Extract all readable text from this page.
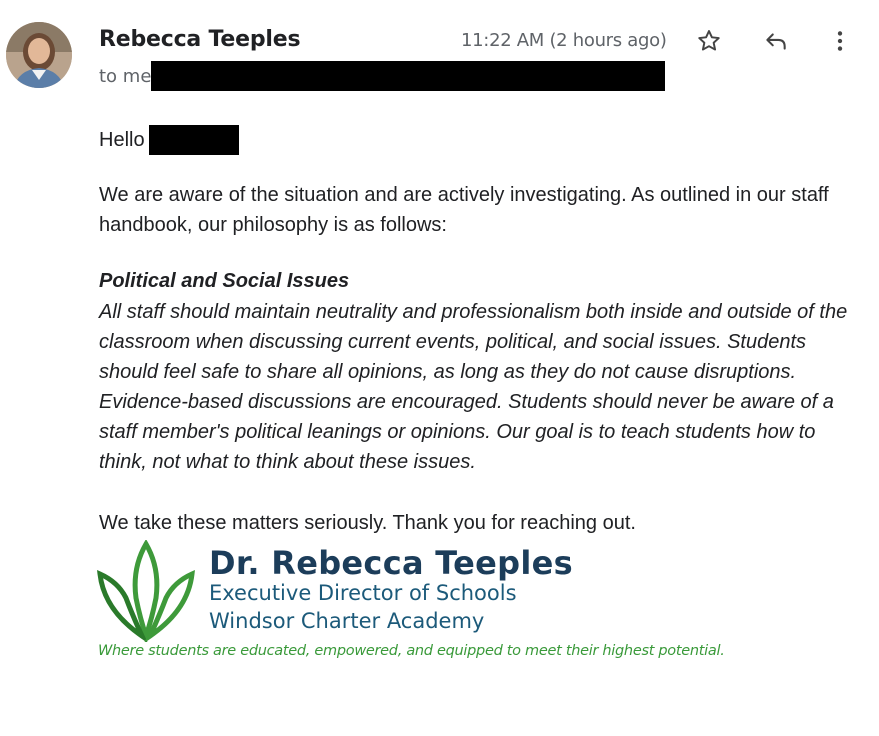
Rebecca Teeples
to me
11:22 AM (2 hours ago)
Hello
We are aware of the situation and are actively investigating. As outlined in our staff handbook, our philosophy is as follows:
Political and Social Issues
All staff should maintain neutrality and professionalism both inside and outside of the classroom when discussing current events, political, and social issues. Students should feel safe to share all opinions, as long as they do not cause disruptions. Evidence-based discussions are encouraged. Students should never be aware of a staff member's political leanings or opinions. Our goal is to teach students how to think, not what to think about these issues.
We take these matters seriously. Thank you for reaching out.
Dr. Rebecca Teeples
Executive Director of Schools
Windsor Charter Academy
Where students are educated, empowered, and equipped to meet their highest potential.
